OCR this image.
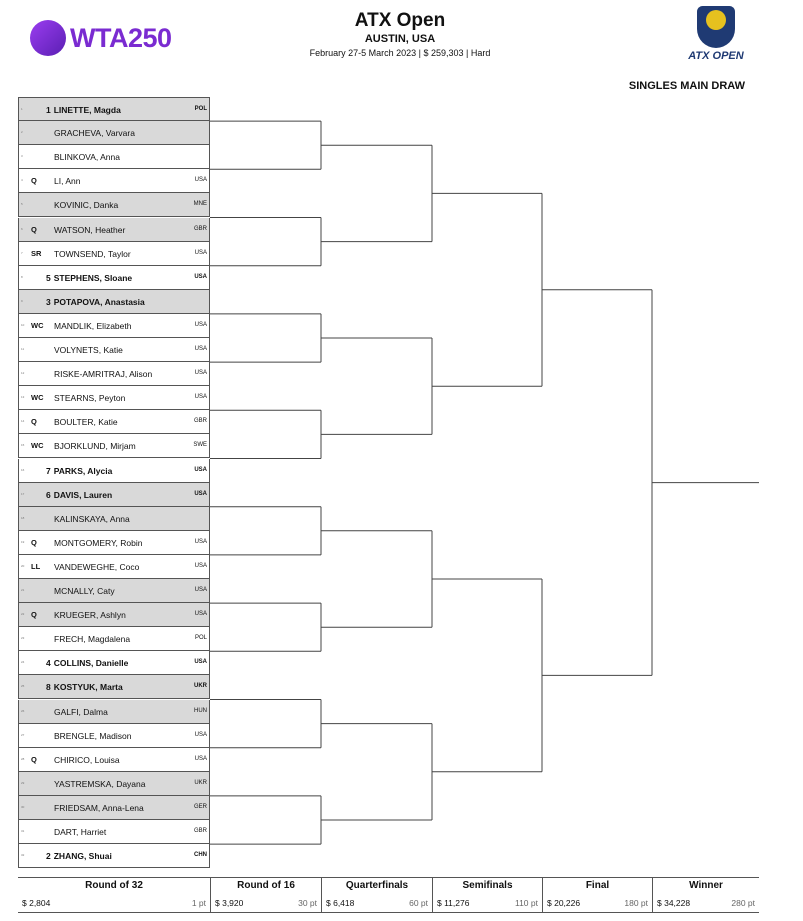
WTA250
ATX Open
AUSTIN, USA
February 27-5 March 2023 | $ 259,303 | Hard	ATX OPEN
SINGLES MAIN DRAW
1	1 LINETTE, Magda	POL
2	GRACHEVA, Varvara
3	BLINKOVA, Anna
4 Q LI, Ann	USA
5	KOVINIC, Danka	MNE
6 Q WATSON, Heather	GBR
7 SR TOWNSEND, Taylor	USA
8	5 STEPHENS, Sloane	USA
9	3 POTAPOVA, Anastasia
10 WC MANDLIK, Elizabeth	USA
11	VOLYNETS, Katie	USA
12	RISKE-AMRITRAJ, Alison	USA
13 WC STEARNS, Peyton	USA
14 Q BOULTER, Katie	GBR
15 WC BJORKLUND, Mirjam	SWE
16	7 PARKS, Alycia	USA
17	6 DAVIS, Lauren	USA
18	KALINSKAYA, Anna
19 Q MONTGOMERY, Robin	USA
20 LL VANDEWEGHE, Coco	USA
21	MCNALLY, Caty	USA
22 Q KRUEGER, Ashlyn	USA
23	FRECH, Magdalena	POL
24	4 COLLINS, Danielle	USA
25	8 KOSTYUK, Marta	UKR
26	GALFI, Dalma	HUN
27	BRENGLE, Madison	USA
28 Q CHIRICO, Louisa	USA
29	YASTREMSKA, Dayana	UKR
30	FRIEDSAM, Anna-Lena	GER
31	DART, Harriet	GBR
32	2 ZHANG, Shuai	CHN
Round of 32
$ 2,804	1 pt
Round of 16
$ 3,920	30 pt
Quarterfinals
$ 6,418	60 pt
Semifinals
$ 11,276	110 pt
Final
$ 20,226	180 pt
Winner
$ 34,228	280 pt
